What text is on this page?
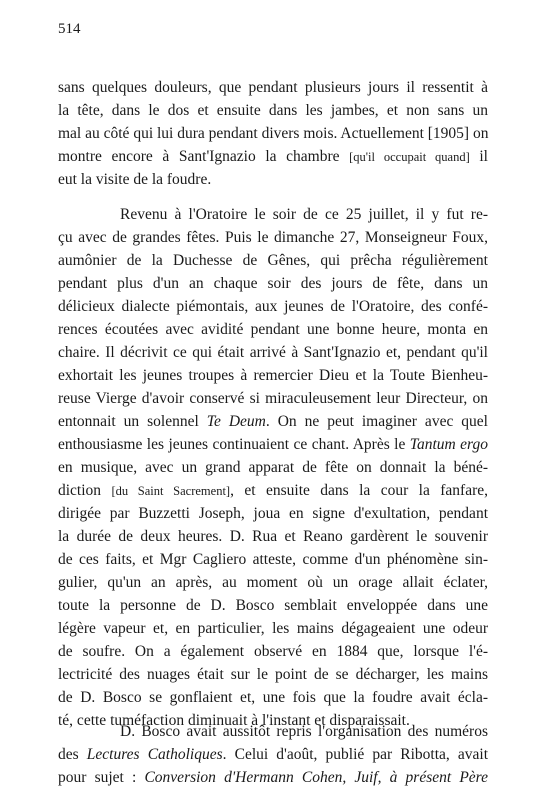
514
sans quelques douleurs, que pendant plusieurs jours il ressentit à
la tête, dans le dos et ensuite dans les jambes, et non sans un
mal au côté qui lui dura pendant divers mois. Actuellement [1905] on
montre encore à Sant'Ignazio la chambre [qu'il occupait quand] il
eut la visite de la foudre.
Revenu à l'Oratoire le soir de ce 25 juillet, il y fut re-
çu avec de grandes fêtes. Puis le dimanche 27, Monseigneur Foux,
aumônier de la Duchesse de Gênes, qui prêcha régulièrement
pendant plus d'un an chaque soir des jours de fête, dans un
délicieux dialecte piémontais, aux jeunes de l'Oratoire, des confé-
rences écoutées avec avidité pendant une bonne heure, monta en
chaire. Il décrivit ce qui était arrivé à Sant'Ignazio et, pendant qu'il
exhortait les jeunes troupes à remercier Dieu et la Toute Bienheu-
reuse Vierge d'avoir conservé si miraculeusement leur Directeur, on
entonnait un solennel Te Deum. On ne peut imaginer avec quel
enthousiasme les jeunes continuaient ce chant. Après le Tantum ergo
en musique, avec un grand apparat de fête on donnait la béné-
diction [du Saint Sacrement], et ensuite dans la cour la fanfare,
dirigée par Buzzetti Joseph, joua en signe d'exultation, pendant
la durée de deux heures. D. Rua et Reano gardèrent le souvenir
de ces faits, et Mgr Cagliero atteste, comme d'un phénomène sin-
gulier, qu'un an après, au moment où un orage allait éclater,
toute la personne de D. Bosco semblait enveloppée dans une
légère vapeur et, en particulier, les mains dégageaient une odeur
de soufre. On a également observé en 1884 que, lorsque l'é-
lectricité des nuages était sur le point de se décharger, les mains
de D. Bosco se gonflaient et, une fois que la foudre avait écla-
té, cette tuméfaction diminuait à l'instant et disparaissait.
D. Bosco avait aussitôt repris l'organisation des numéros
des Lectures Catholiques. Celui d'août, publié par Ribotta, avait
pour sujet : Conversion d'Hermann Cohen, Juif, à présent Père
